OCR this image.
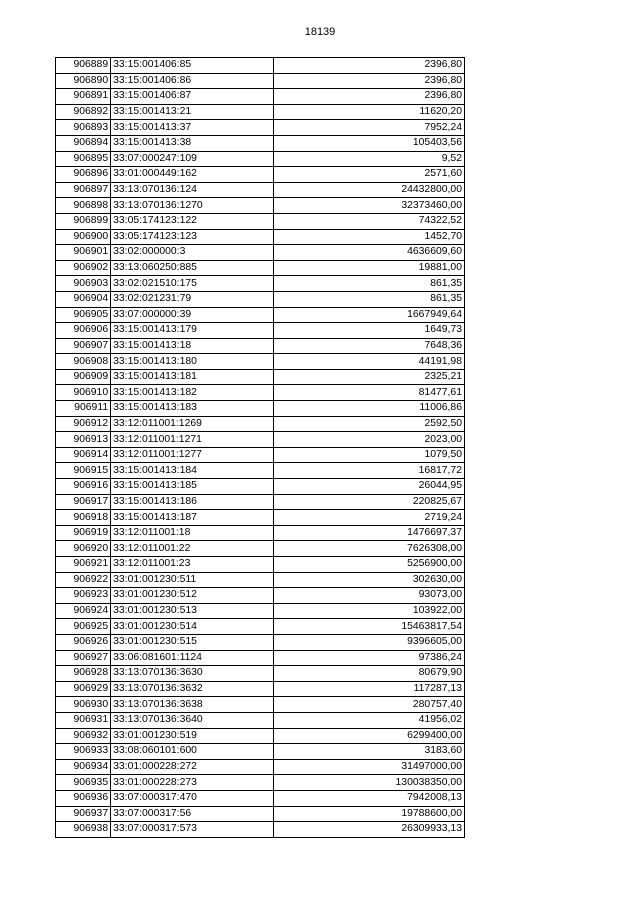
18139
906889	33:15:001406:85	2396,80
906890	33:15:001406:86	2396,80
906891	33:15:001406:87	2396,80
906892	33:15:001413:21	11620,20
906893	33:15:001413:37	7952,24
906894	33:15:001413:38	105403,56
906895	33:07:000247:109	9,52
906896	33:01:000449:162	2571,60
906897	33:13:070136:124	24432800,00
906898	33:13:070136:1270	32373460,00
906899	33:05:174123:122	74322,52
906900	33:05:174123:123	1452,70
906901	33:02:000000:3	4636609,60
906902	33:13:060250:885	19881,00
906903	33:02:021510:175	861,35
906904	33:02:021231:79	861,35
906905	33:07:000000:39	1667949,64
906906	33:15:001413:179	1649,73
906907	33:15:001413:18	7648,36
906908	33:15:001413:180	44191,98
906909	33:15:001413:181	2325,21
906910	33:15:001413:182	81477,61
906911	33:15:001413:183	11006,86
906912	33:12:011001:1269	2592,50
906913	33:12:011001:1271	2023,00
906914	33:12:011001:1277	1079,50
906915	33:15:001413:184	16817,72
906916	33:15:001413:185	26044,95
906917	33:15:001413:186	220825,67
906918	33:15:001413:187	2719,24
906919	33:12:011001:18	1476697,37
906920	33:12:011001:22	7626308,00
906921	33:12:011001:23	5256900,00
906922	33:01:001230:511	302630,00
906923	33:01:001230:512	93073,00
906924	33:01:001230:513	103922,00
906925	33:01:001230:514	15463817,54
906926	33:01:001230:515	9396605,00
906927	33:06:081601:1124	97386,24
906928	33:13:070136:3630	80679,90
906929	33:13:070136:3632	117287,13
906930	33:13:070136:3638	280757,40
906931	33:13:070136:3640	41956,02
906932	33:01:001230:519	6299400,00
906933	33:08:060101:600	3183,60
906934	33:01:000228:272	31497000,00
906935	33:01:000228:273	130038350,00
906936	33:07:000317:470	7942008,13
906937	33:07:000317:56	19788600,00
906938	33:07:000317:573	26309933,13
